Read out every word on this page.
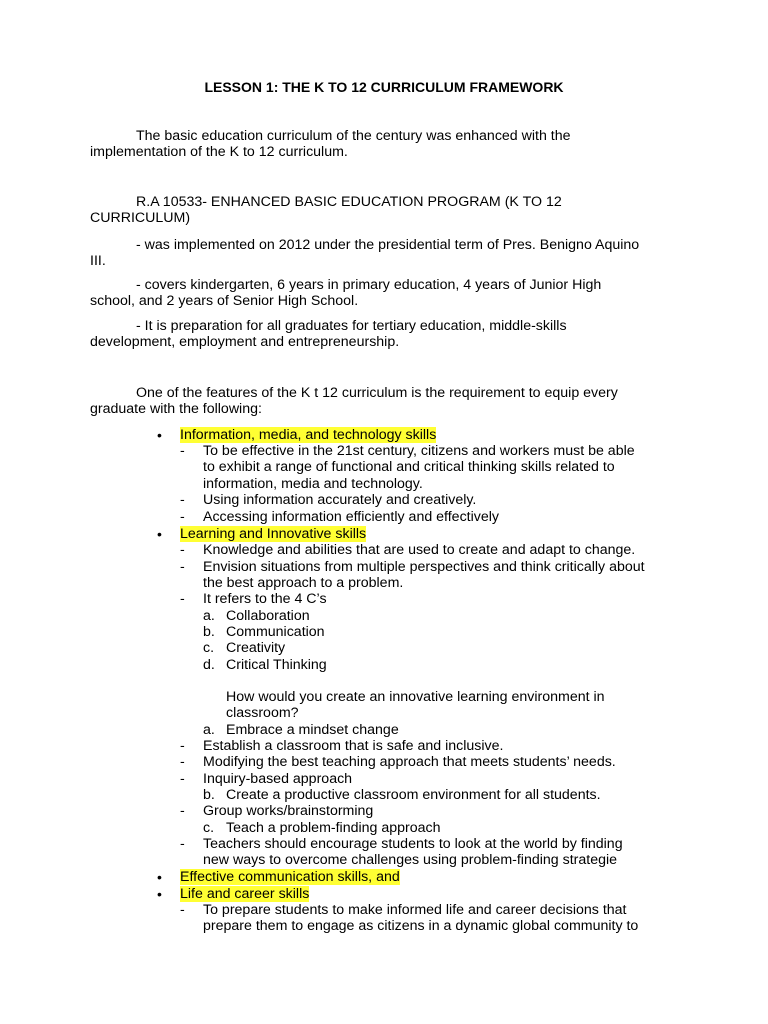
LESSON 1: THE K TO 12 CURRICULUM FRAMEWORK
The basic education curriculum of the century was enhanced with the
implementation of the K to 12 curriculum.
R.A 10533- ENHANCED BASIC EDUCATION PROGRAM (K TO 12
CURRICULUM)
- was implemented on 2012 under the presidential term of Pres. Benigno Aquino
III.
- covers kindergarten, 6 years in primary education, 4 years of Junior High
school, and 2 years of Senior High School.
- It is preparation for all graduates for tertiary education, middle-skills
development, employment and entrepreneurship.
One of the features of the K t 12 curriculum is the requirement to equip every
graduate with the following:
• Information, media, and technology skills
- To be effective in the 21st century, citizens and workers must be able
to exhibit a range of functional and critical thinking skills related to
information, media and technology.
- Using information accurately and creatively.
- Accessing information efficiently and effectively
• Learning and Innovative skills
- Knowledge and abilities that are used to create and adapt to change.
- Envision situations from multiple perspectives and think critically about
the best approach to a problem.
- It refers to the 4 C’s
a. Collaboration
b. Communication
c. Creativity
d. Critical Thinking
How would you create an innovative learning environment in
classroom?
a. Embrace a mindset change
- Establish a classroom that is safe and inclusive.
- Modifying the best teaching approach that meets students’ needs.
- Inquiry-based approach
b. Create a productive classroom environment for all students.
- Group works/brainstorming
c. Teach a problem-finding approach
- Teachers should encourage students to look at the world by finding
new ways to overcome challenges using problem-finding strategie
• Effective communication skills, and
• Life and career skills
- To prepare students to make informed life and career decisions that
prepare them to engage as citizens in a dynamic global community to
